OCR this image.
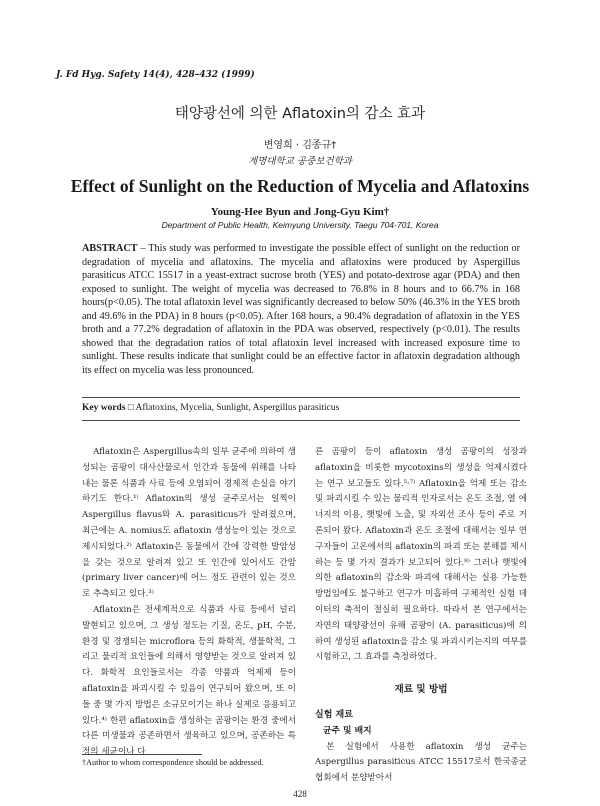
J. Fd Hyg. Safety 14(4), 428–432 (1999)
태양광선에 의한 Aflatoxin의 감소 효과
변영희 · 김종규†
계명대학교 공중보건학과
Effect of Sunlight on the Reduction of Mycelia and Aflatoxins
Young-Hee Byun and Jong-Gyu Kim†
Department of Public Health, Keimyung University, Taegu 704-701, Korea

ABSTRACT – This study was performed to investigate the possible effect of sunlight on the reduction or degradation of mycelia and aflatoxins. The mycelia and aflatoxins were produced by Aspergillus parasiticus ATCC 15517 in a yeast-extract sucrose broth (YES) and potato-dextrose agar (PDA) and then exposed to sunlight. The weight of mycelia was decreased to 76.8% in 8 hours and to 66.7% in 168 hours(p<0.05). The total aflatoxin level was significantly decreased to below 50% (46.3% in the YES broth and 49.6% in the PDA) in 8 hours (p<0.05). After 168 hours, a 90.4% degradation of aflatoxin in the YES broth and a 77.2% degradation of aflatoxin in the PDA was observed, respectively (p<0.01). The results showed that the degradation ratios of total aflatoxin level increased with increased exposure time to sunlight. These results indicate that sunlight could be an effective factor in aflatoxin degradation although its effect on mycelia was less pronounced.

Key words □ Aflatoxins, Mycelia, Sunlight, Aspergillus parasiticus

Aflatoxin은 Aspergillus속의 일부 균주에 의하여 생성되는 곰팡이 대사산물로서 인간과 동물에 위해를 나타내는 물론 식품과 사료 등에 오염되어 경제적 손실을 야기하기도 한다.¹⁾ Aflatoxin의 생성 균주로서는 일찍이 Aspergillus flavus와 A. parasiticus가 알려졌으며, 최근에는 A. nomius도 aflatoxin 생성능이 있는 것으로 제시되었다.²⁾ Aflatoxin은 동물에서 간에 강력한 발암성을 갖는 것으로 알려져 있고 또 인간에 있어서도 간암 (primary liver cancer)에 어느 정도 관련이 있는 것으로 추측되고 있다.³⁾

Aflatoxin은 전세계적으로 식품과 사료 등에서 널리 발현되고 있으며, 그 생성 정도는 기질, 온도, pH, 수분, 환경 및 경쟁되는 microflora 등의 화학적, 생물학적, 그리고 물리적 요인들에 의해서 영향받는 것으로 알려져 있다. 화학적 요인들로서는 각종 약품과 억제제 등이 aflatoxin을 파괴시킬 수 있음이 연구되어 왔으며, 또 이들 중 몇 가지 방법은 소규모이기는 하나 실제로 응용되고 있다.⁴⁾ 한편 aflatoxin을 생성하는 곰팡이는 환경 중에서 다른 미생물과 공존하면서 생육하고 있으며, 공존하는 특정의 세균이나 다

른 곰팡이 등이 aflatoxin 생성 곰팡이의 성장과 aflatoxin을 비롯한 mycotoxins의 생성을 억제시켰다는 연구 보고들도 있다.⁵·⁷⁾ Aflatoxin을 억제 또는 감소 및 파괴시킬 수 있는 물리적 인자로서는 온도 조절, 열 에너지의 이용, 햇빛에 노출, 및 자외선 조사 등이 주로 거론되어 왔다. Aflatoxin과 온도 조절에 대해서는 일부 연구자들이 고온에서의 aflatoxin의 파괴 또는 분해를 제시하는 등 몇 가지 결과가 보고되어 있다.⁸⁾ 그러나 햇빛에 의한 aflatoxin의 감소와 파괴에 대해서는 실용 가능한 방법임에도 불구하고 연구가 미흡하여 구체적인 실험 데이터의 축적이 절실히 필요하다. 따라서 본 연구에서는 자연의 태양광선이 유해 곰팡이 (A. parasiticus)에 의하여 생성된 aflatoxin을 감소 및 파괴시키는지의 여부를 시험하고, 그 효과를 측정하였다.

재료 및 방법
실험 재료
균주 및 배지

본 실험에서 사용한 aflatoxin 생성 균주는 Aspergillus parasiticus ATCC 15517로서 한국종균협회에서 분양받아서

†Author to whom correspondence should be addressed.
428
